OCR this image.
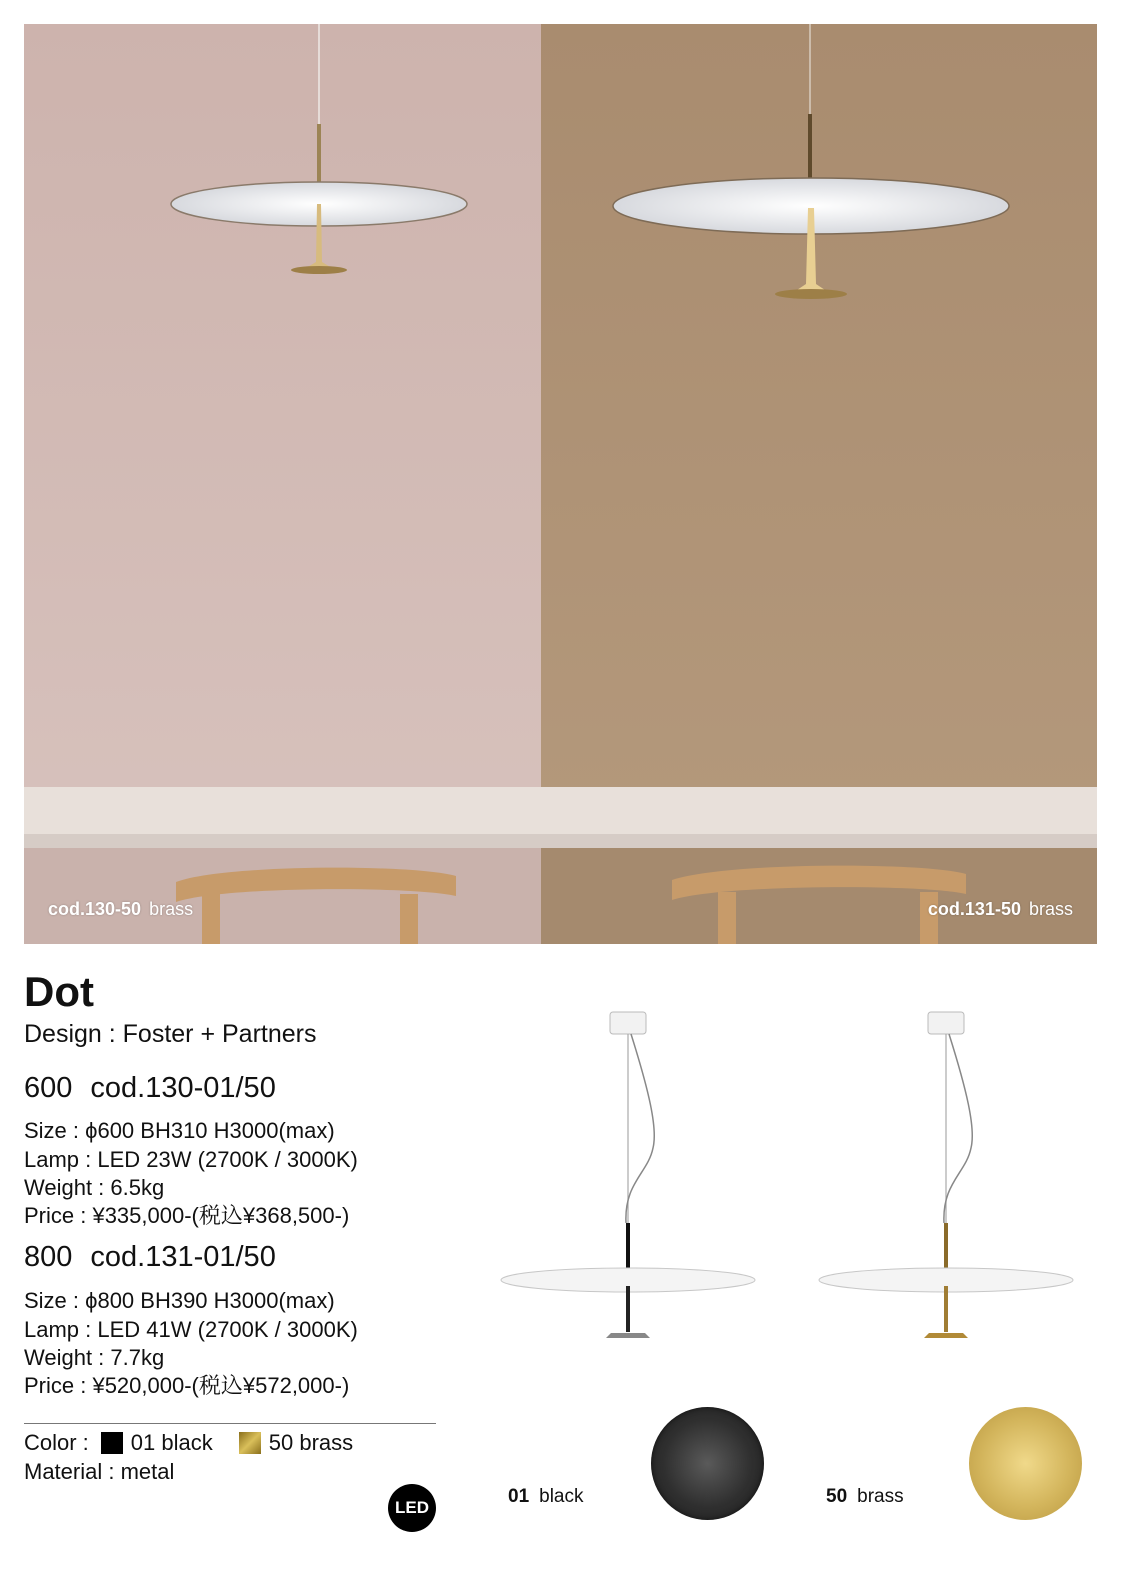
cod.130-50 brass	cod.131-50 brass
Dot
Design : Foster + Partners
600 cod.130-01/50
Size : ϕ600 BH310 H3000(max)
Lamp : LED 23W (2700K / 3000K)
Weight : 6.5kg
Price : ¥335,000-(税込¥368,500-)
800 cod.131-01/50
Size : ϕ800 BH390 H3000(max)
Lamp : LED 41W (2700K / 3000K)
Weight : 7.7kg
Price : ¥520,000-(税込¥572,000-)
Color : 01
black	50
brass
Material : metal
LED
01 black	50 brass
